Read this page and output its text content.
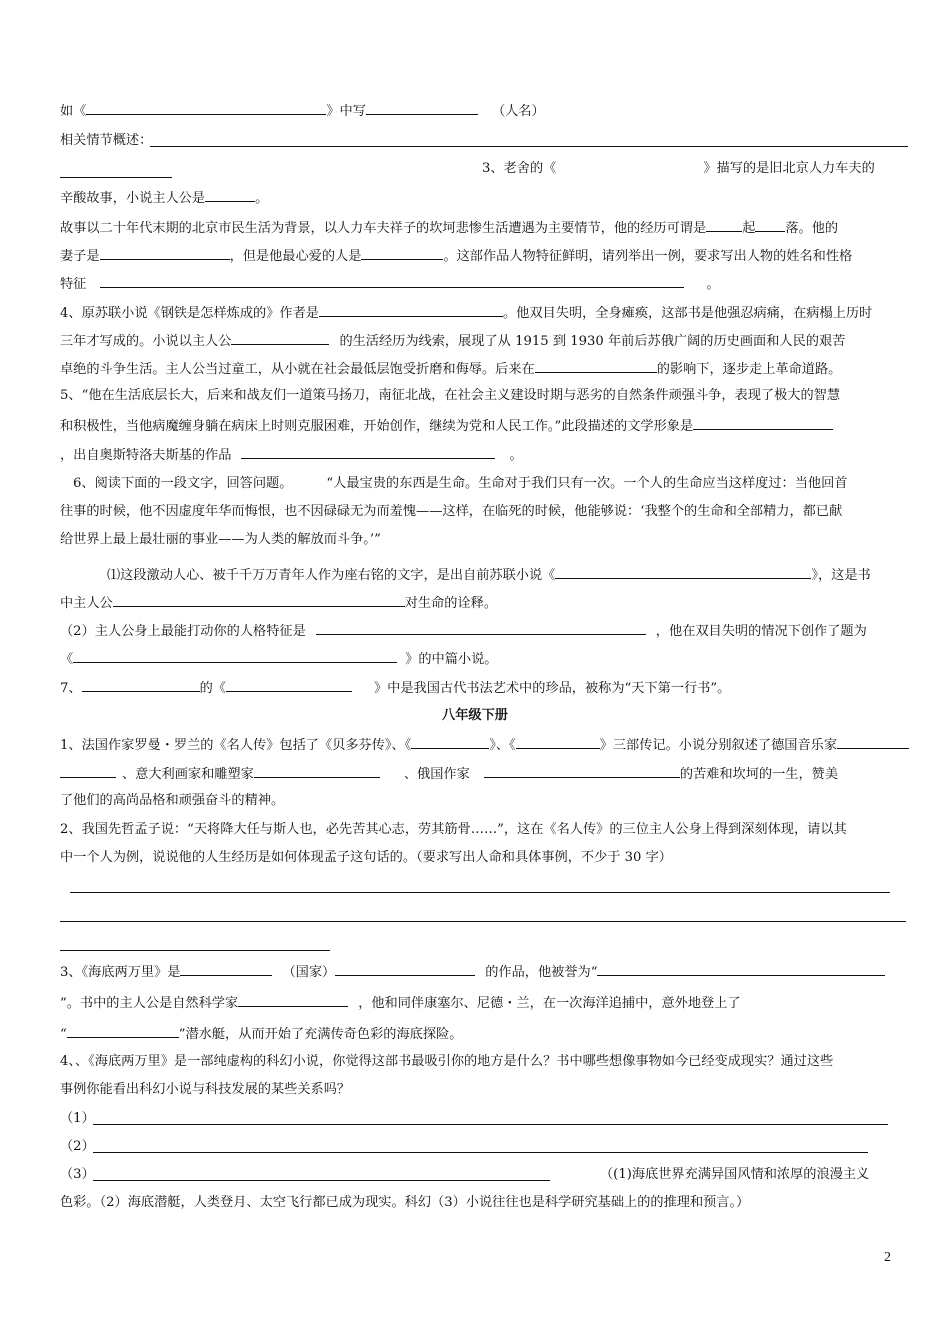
如《	》中写	（人名）
相关情节概述：
3、老舍的《	》描写的是旧北京人力车夫的
辛酸故事，小说主人公是	。
故事以二十年代末期的北京市民生活为背景，以人力车夫祥子的坎坷悲惨生活遭遇为主要情节，他的经历可谓是	起 落。他的
妻子是	，但是他最心爱的人是	。这部作品人物特征鲜明，请列举出一例，要求写出人物的姓名和性格
特征	。
4、原苏联小说《钢铁是怎样炼成的》作者是	。他双目失明，全身瘫痪，这部书是他强忍病痛，在病榻上历时
三年才写成的。小说以主人公	的生活经历为线索，展现了从 1915 到 1930 年前后苏俄广阔的历史画面和人民的艰苦
卓绝的斗争生活。主人公当过童工，从小就在社会最低层饱受折磨和侮辱。后来在	的影响下，逐步走上革命道路。
5、“他在生活底层长大，后来和战友们一道策马扬刀，南征北战，在社会主义建设时期与恶劣的自然条件顽强斗争，表现了极大的智慧
和积极性，当他病魔缠身躺在病床上时则克服困难，开始创作，继续为党和人民工作。”此段描述的文学形象是
，出自奥斯特洛夫斯基的作品	。
6、阅读下面的一段文字，回答问题。	“人最宝贵的东西是生命。生命对于我们只有一次。一个人的生命应当这样度过：当他回首
往事的时候，他不因虚度年华而悔恨，也不因碌碌无为而羞愧——这样，在临死的时候，他能够说：‘我整个的生命和全部精力，都已献
给世界上最上最壮丽的事业——为人类的解放而斗争。’”
⑴这段激动人心、被千千万万青年人作为座右铭的文字，是出自前苏联小说《	》，这是书
中主人公	对生命的诠释。
（2）主人公身上最能打动你的人格特征是	，他在双目失明的情况下创作了题为
《	》的中篇小说。
7、	的《	》中是我国古代书法艺术中的珍品，被称为“天下第一行书”。
八年级下册
1、法国作家罗曼・罗兰的《名人传》包括了《贝多芬传》、《	》、《	》三部传记。小说分别叙述了德国音乐家
、意大利画家和雕塑家	、俄国作家	的苦难和坎坷的一生，赞美
了他们的高尚品格和顽强奋斗的精神。
2、我国先哲孟子说：“天将降大任与斯人也，必先苦其心志，劳其筋骨……”，这在《名人传》的三位主人公身上得到深刻体现，请以其
中一个人为例，说说他的人生经历是如何体现孟子这句话的。（要求写出人命和具体事例，不少于 30 字）
3、《海底两万里》是	（国家）	的作品，他被誉为“
”。书中的主人公是自然科学家	，他和同伴康塞尔、尼德・兰，在一次海洋追捕中，意外地登上了
“	”潜水艇，从而开始了充满传奇色彩的海底探险。
4、、《海底两万里》是一部纯虚构的科幻小说，你觉得这部书最吸引你的地方是什么？书中哪些想像事物如今已经变成现实？通过这些
事例你能看出科幻小说与科技发展的某些关系吗？
（1）
（2）
（3）	（(1)海底世界充满异国风情和浓厚的浪漫主义
色彩。（2）海底潜艇，人类登月、太空飞行都已成为现实。科幻（3）小说往往也是科学研究基础上的的推理和预言。）
2
